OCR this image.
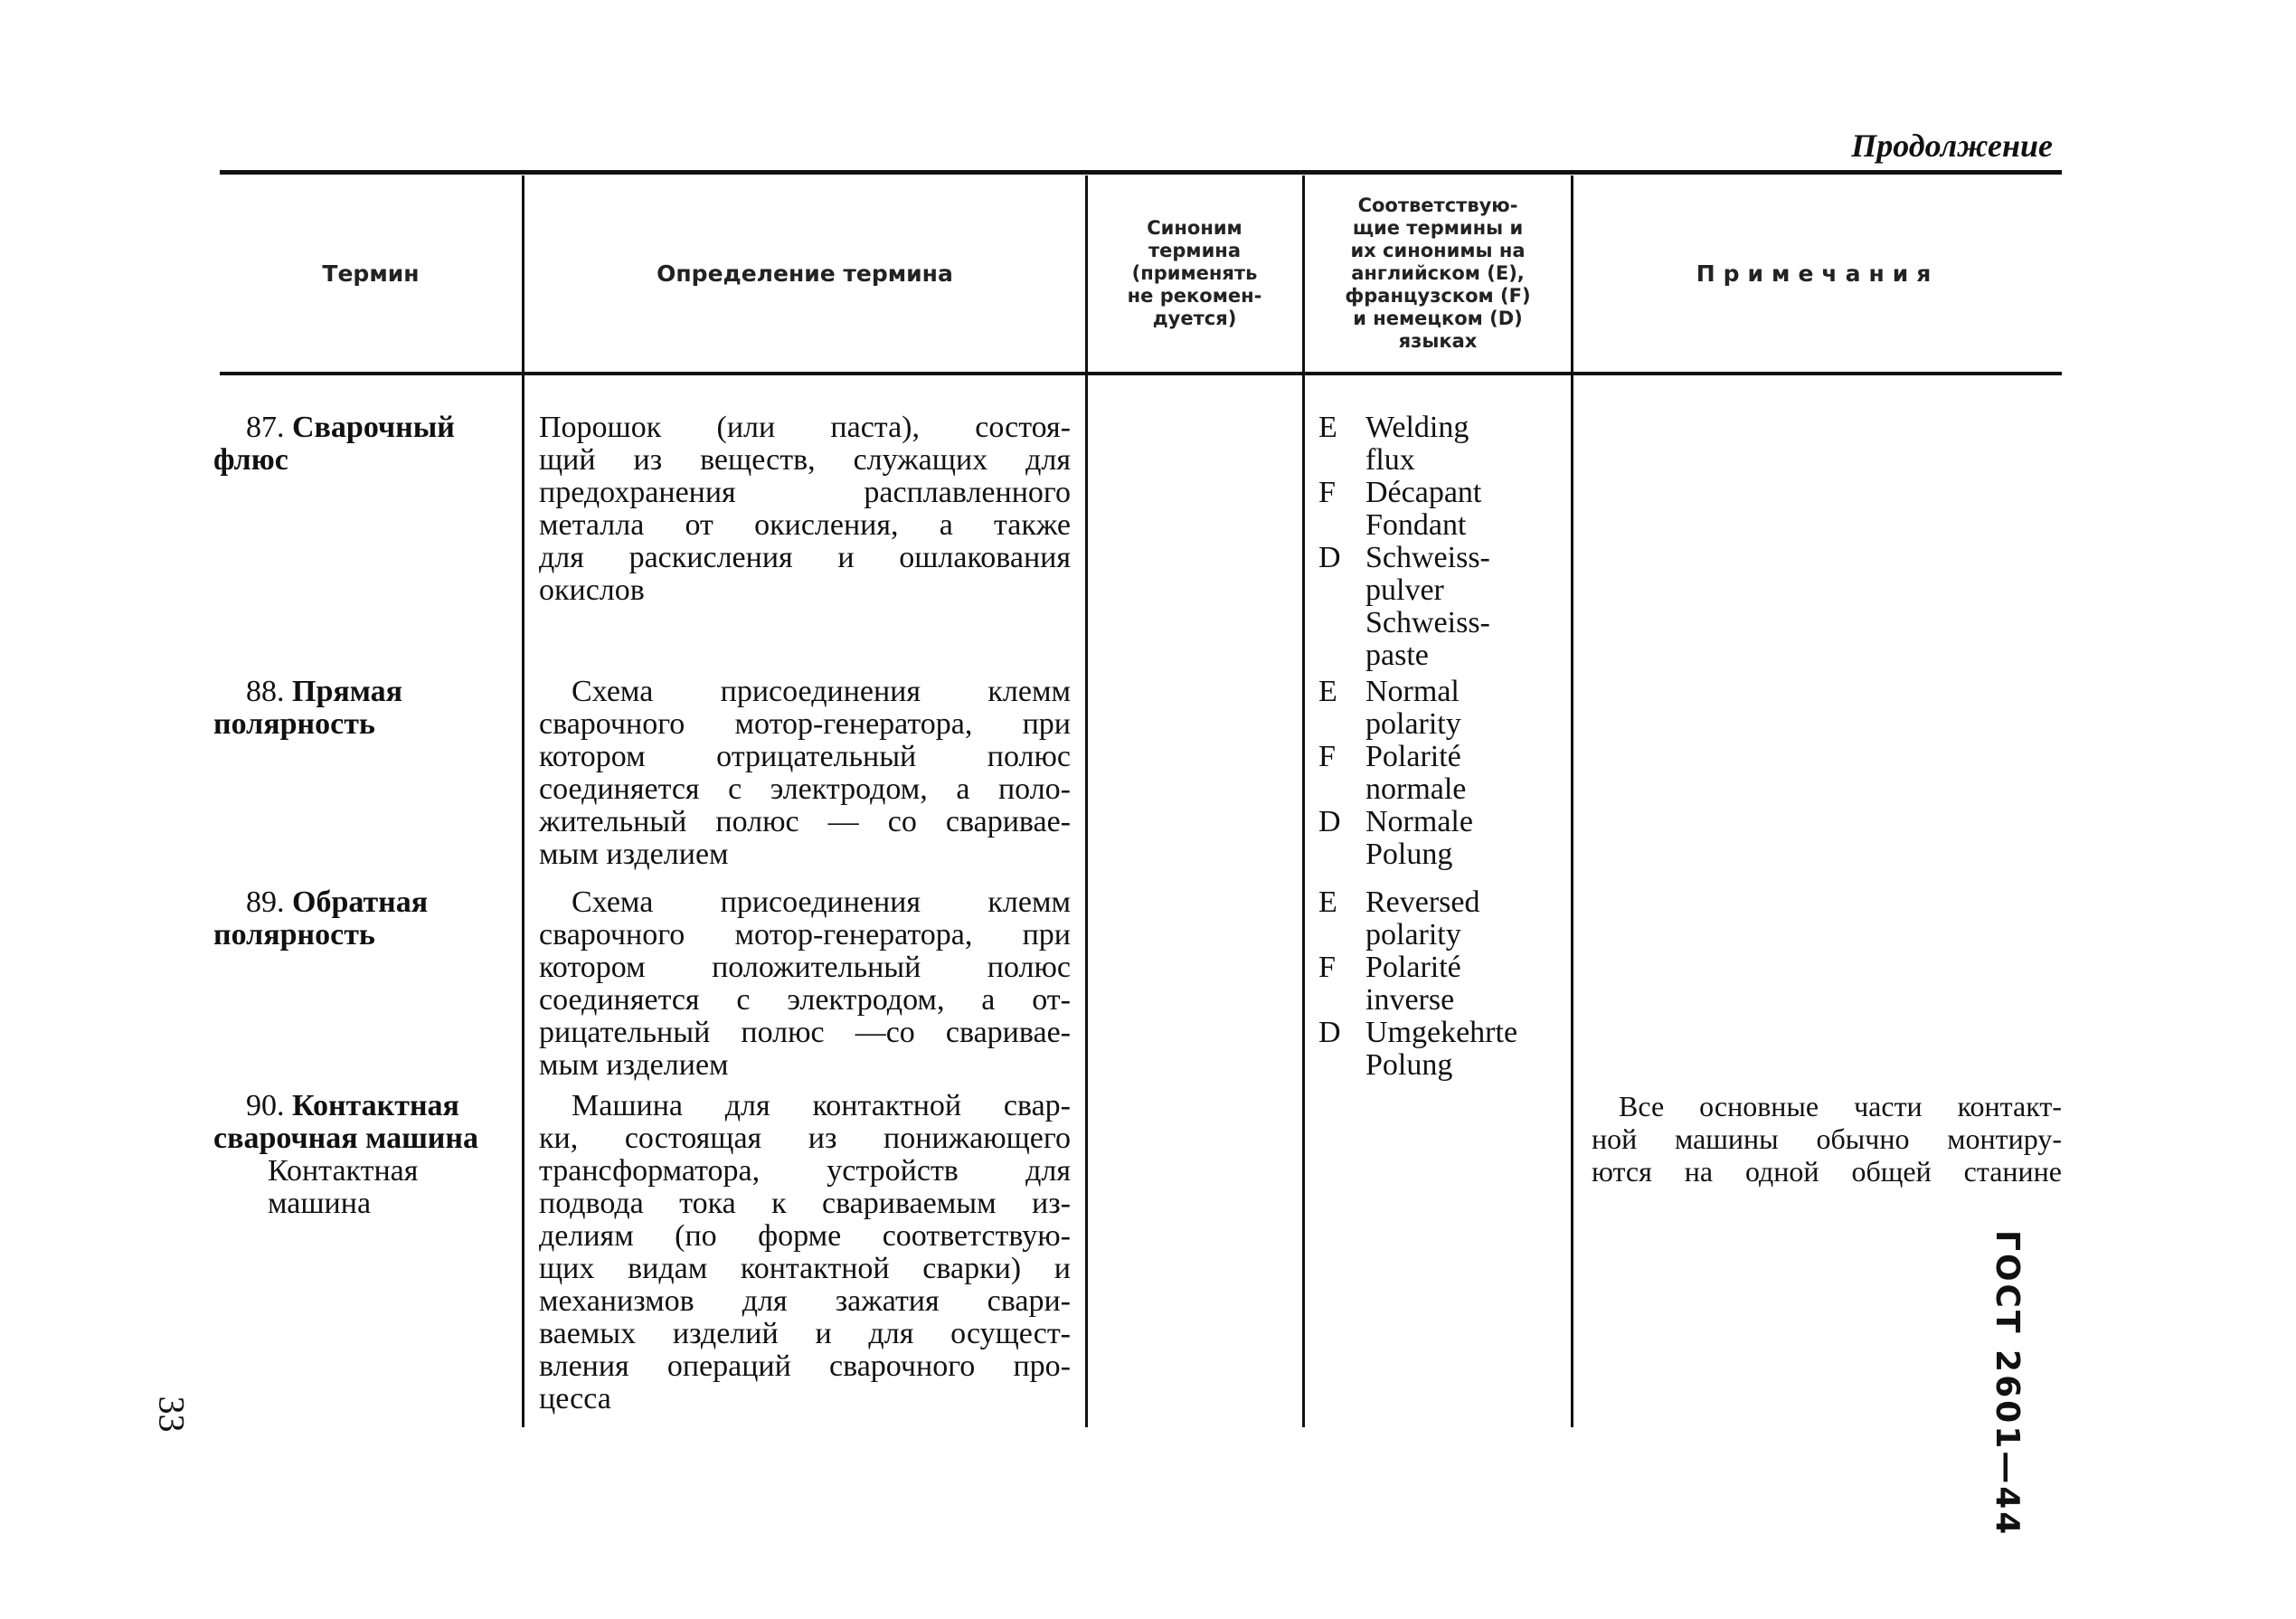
Продолжение
Термин	Определение термина
Синоним
термина
(применять
не рекомен-
дуется)
Соответствую-
щие термины и
их синонимы на
английском (E),
французском (F)
и немецком (D)
языках
Примечания
87. Сварочный
флюс
Порошок (или паста), состоя-
щий из веществ, служащих для
предохранения расплавленного
металла от окисления, а также
для раскисления и ошлакования
окислов
E Welding
flux
F Décapant
Fondant
D Schweiss-
pulver
Schweiss-
paste
88. Прямая
полярность
Схема присоединения клемм
сварочного мотор-генератора, при
котором отрицательный полюс
соединяется с электродом, а поло-
жительный полюс — со свариваe-
мым изделием
E Normal
polarity
F Polarité
normale
D Normale
Polung
89. Обратная
полярность
Схема присоединения клемм
сварочного мотор-генератора, при
котором положительный полюс
соединяется с электродом, а от-
рицательный полюс —со свариваe-
мым изделием
E Reversed
polarity
F Polarité
inverse
D Umgekehrte
Polung
90. Контактная
сварочная машина
Контактная
машина
Машина для контактной свар-
ки, состоящая из понижающего
трансформатора, устройств для
подвода тока к свариваемым из-
делиям (по форме соответствую-
щих видам контактной сварки) и
механизмов для зажатия свари-
ваемых изделий и для осущест-
вления операций сварочного про-
цесса
Все основные части контакт-
ной машины обычно монтиру-
ются на одной общей станине
33	ГОСТ 2601—44
